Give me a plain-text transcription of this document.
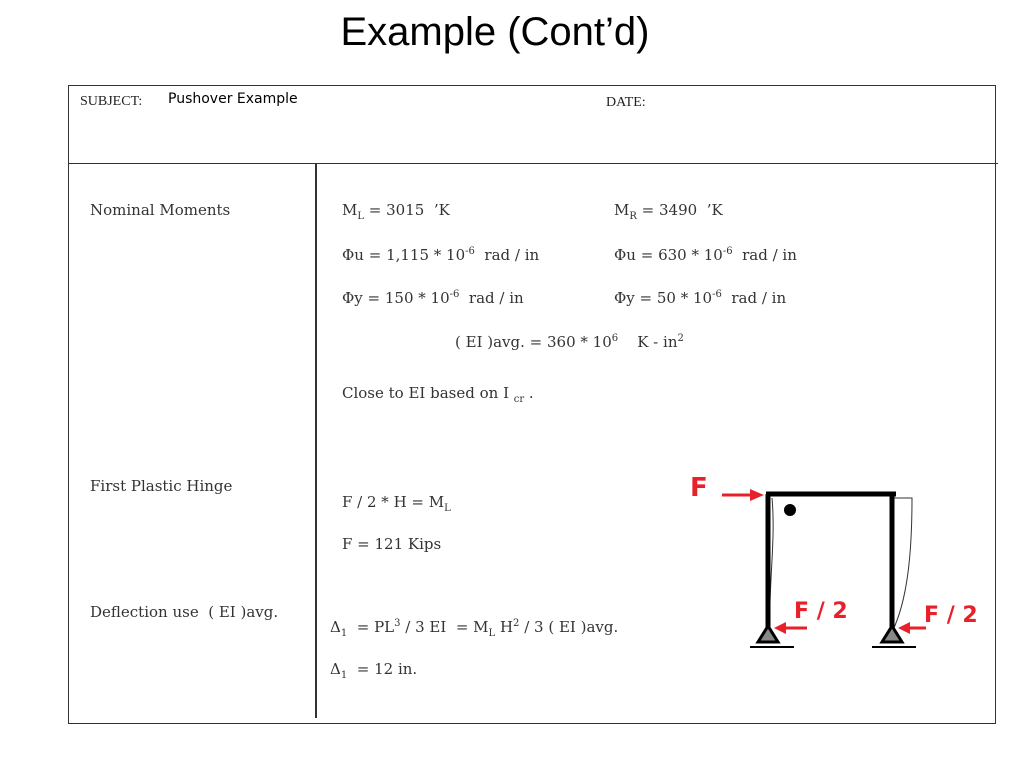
Example (Cont’d)
SUBJECT: Pushover Example	DATE:
Nominal Moments
First Plastic Hinge
Deflection use  ( EI )avg.
$M_L = 3015$  ’K	$M_R = 3490$  ’K
$\Phi u = 1,115 * 10^{-6}$  rad / in	$\Phi u = 630 * 10^{-6}$  rad / in
$\Phi y = 150 * 10^{-6}$  rad / in	$\Phi y = 50 * 10^{-6}$  rad / in
( EI )avg. = $360 * 10^6$    K - $in^2$
Close to EI based on I $_{cr}$ .
$F / 2 * H = M_L$
F = 121 Kips
$\Delta_1 = PL^3 / 3$ EI  = $M_L$ $H^2 / 3$ ( EI )avg.
$\Delta_1 = 12$ in.
F
F / 2	F / 2
